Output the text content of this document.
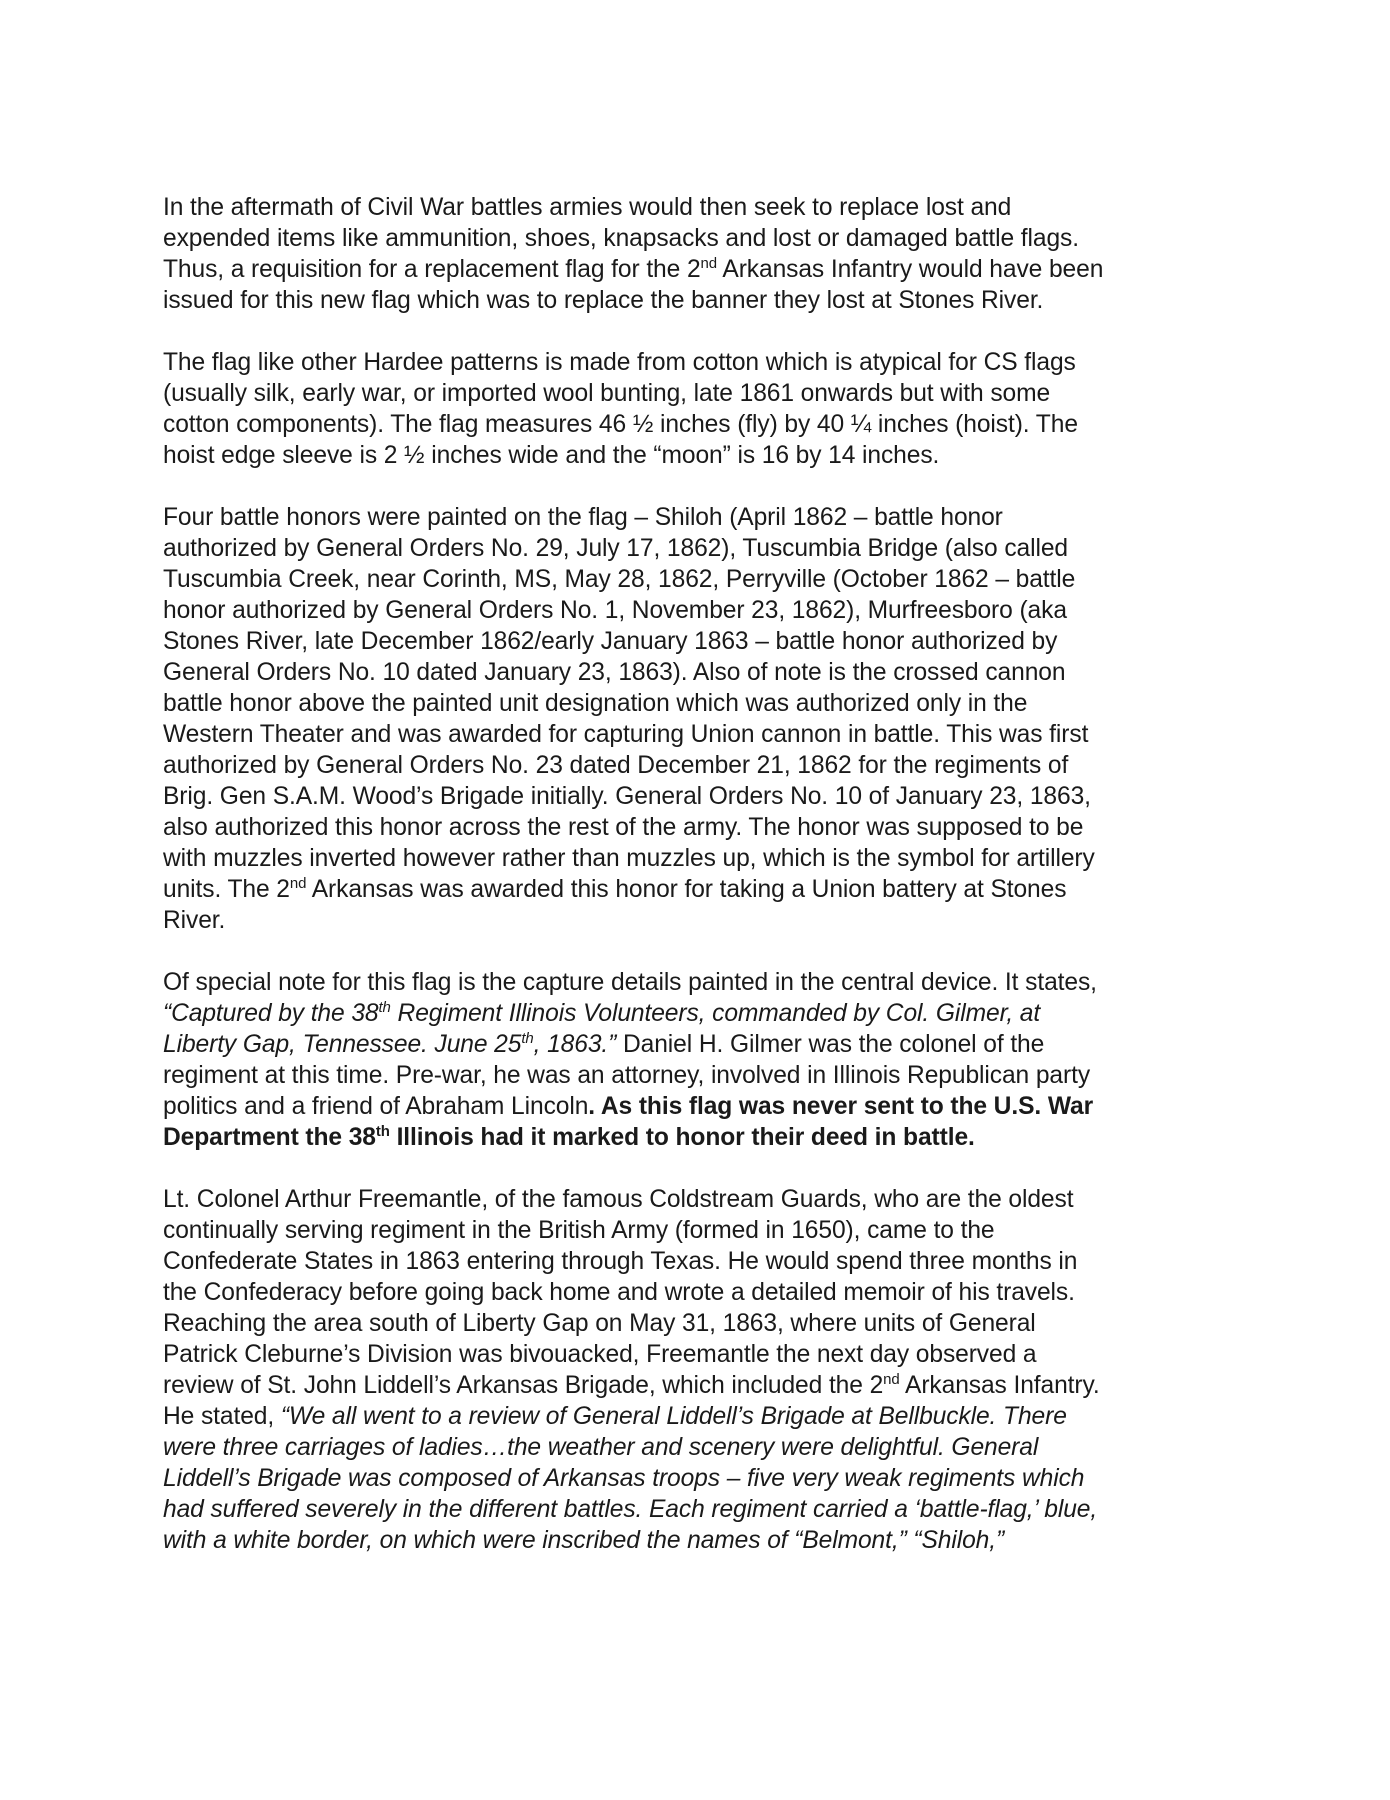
In the aftermath of Civil War battles armies would then seek to replace lost and
expended items like ammunition, shoes, knapsacks and lost or damaged battle flags.
Thus, a requisition for a replacement flag for the 2nd Arkansas Infantry would have been
issued for this new flag which was to replace the banner they lost at Stones River.

The flag like other Hardee patterns is made from cotton which is atypical for CS flags
(usually silk, early war, or imported wool bunting, late 1861 onwards but with some
cotton components). The flag measures 46 ½ inches (fly) by 40 ¼ inches (hoist). The
hoist edge sleeve is 2 ½ inches wide and the “moon” is 16 by 14 inches.

Four battle honors were painted on the flag – Shiloh (April 1862 – battle honor
authorized by General Orders No. 29, July 17, 1862), Tuscumbia Bridge (also called
Tuscumbia Creek, near Corinth, MS, May 28, 1862, Perryville (October 1862 – battle
honor authorized by General Orders No. 1, November 23, 1862), Murfreesboro (aka
Stones River, late December 1862/early January 1863 – battle honor authorized by
General Orders No. 10 dated January 23, 1863). Also of note is the crossed cannon
battle honor above the painted unit designation which was authorized only in the
Western Theater and was awarded for capturing Union cannon in battle. This was first
authorized by General Orders No. 23 dated December 21, 1862 for the regiments of
Brig. Gen S.A.M. Wood’s Brigade initially. General Orders No. 10 of January 23, 1863,
also authorized this honor across the rest of the army. The honor was supposed to be
with muzzles inverted however rather than muzzles up, which is the symbol for artillery
units. The 2nd Arkansas was awarded this honor for taking a Union battery at Stones
River.

Of special note for this flag is the capture details painted in the central device. It states,
“Captured by the 38th Regiment Illinois Volunteers, commanded by Col. Gilmer, at
Liberty Gap, Tennessee. June 25th, 1863.” Daniel H. Gilmer was the colonel of the
regiment at this time. Pre-war, he was an attorney, involved in Illinois Republican party
politics and a friend of Abraham Lincoln. As this flag was never sent to the U.S. War
Department the 38th Illinois had it marked to honor their deed in battle.

Lt. Colonel Arthur Freemantle, of the famous Coldstream Guards, who are the oldest
continually serving regiment in the British Army (formed in 1650), came to the
Confederate States in 1863 entering through Texas. He would spend three months in
the Confederacy before going back home and wrote a detailed memoir of his travels.
Reaching the area south of Liberty Gap on May 31, 1863, where units of General
Patrick Cleburne’s Division was bivouacked, Freemantle the next day observed a
review of St. John Liddell’s Arkansas Brigade, which included the 2nd Arkansas Infantry.
He stated, “We all went to a review of General Liddell’s Brigade at Bellbuckle. There
were three carriages of ladies…the weather and scenery were delightful. General
Liddell’s Brigade was composed of Arkansas troops – five very weak regiments which
had suffered severely in the different battles. Each regiment carried a ‘battle-flag,’ blue,
with a white border, on which were inscribed the names of “Belmont,” “Shiloh,”
